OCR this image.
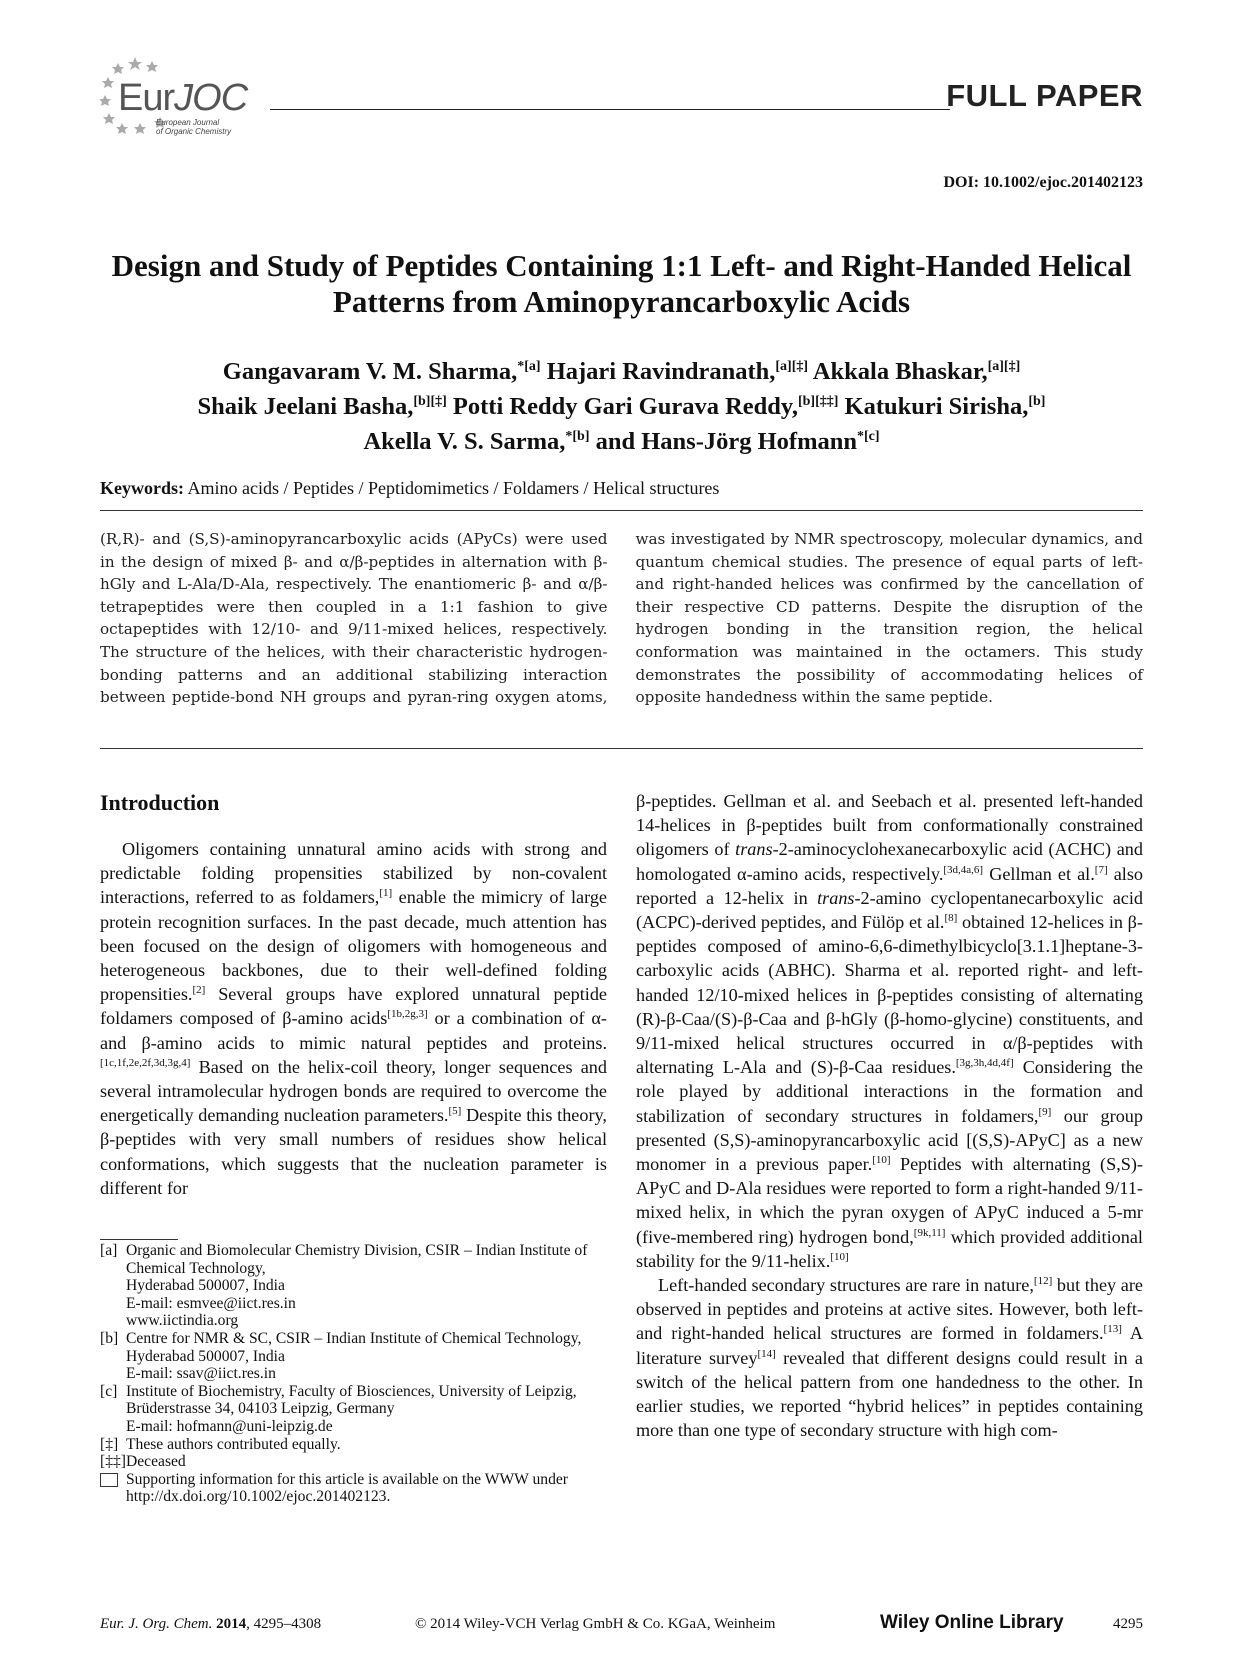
EurJOC
European Journal
of Organic Chemistry
FULL PAPER
DOI: 10.1002/ejoc.201402123
Design and Study of Peptides Containing 1:1 Left- and Right-Handed Helical Patterns from Aminopyrancarboxylic Acids
Gangavaram V. M. Sharma,$^{*[a]}$ Hajari Ravindranath,[a][‡] Akkala Bhaskar,[a][‡]
Shaik Jeelani Basha,[b][‡] Potti Reddy Gari Gurava Reddy,[b][‡‡] Katukuri Sirisha,[b]
Akella V. S. Sarma,$^{*[b]}$ and Hans-Jörg Hofmann$^{*[c]}$
Keywords: Amino acids / Peptides / Peptidomimetics / Foldamers / Helical structures
(R,R)- and (S,S)-aminopyrancarboxylic acids (APyCs) were used in the design of mixed β- and α/β-peptides in alternation with β-hGly and L-Ala/D-Ala, respectively. The enantiomeric β- and α/β-tetrapeptides were then coupled in a 1:1 fashion to give octapeptides with 12/10- and 9/11-mixed helices, respectively. The structure of the helices, with their characteristic hydrogen-bonding patterns and an additional stabilizing interaction between peptide-bond NH groups and pyran-ring oxygen atoms, was investigated by NMR spectroscopy, molecular dynamics, and quantum chemical studies. The presence of equal parts of left- and right-handed helices was confirmed by the cancellation of their respective CD patterns. Despite the disruption of the hydrogen bonding in the transition region, the helical conformation was maintained in the octamers. This study demonstrates the possibility of accommodating helices of opposite handedness within the same peptide.
Introduction

Oligomers containing unnatural amino acids with strong and predictable folding propensities stabilized by non-covalent interactions, referred to as foldamers,[1] enable the mimicry of large protein recognition surfaces. In the past decade, much attention has been focused on the design of oligomers with homogeneous and heterogeneous backbones, due to their well-defined folding propensities.[2] Several groups have explored unnatural peptide foldamers composed of β-amino acids[1b,2g,3] or a combination of α- and β-amino acids to mimic natural peptides and proteins.[1c,1f,2e,2f,3d,3g,4] Based on the helix-coil theory, longer sequences and several intramolecular hydrogen bonds are required to overcome the energetically demanding nucleation parameters.[5] Despite this theory, β-peptides with very small numbers of residues show helical conformations, which suggests that the nucleation parameter is different for

β-peptides. Gellman et al. and Seebach et al. presented left-handed 14-helices in β-peptides built from conformationally constrained oligomers of trans-2-aminocyclohexanecarboxylic acid (ACHC) and homologated α-amino acids, respectively.[3d,4a,6] Gellman et al.[7] also reported a 12-helix in trans-2-amino cyclopentanecarboxylic acid (ACPC)-derived peptides, and Fülöp et al.[8] obtained 12-helices in β-peptides composed of amino-6,6-dimethylbicyclo[3.1.1]heptane-3-carboxylic acids (ABHC). Sharma et al. reported right- and left-handed 12/10-mixed helices in β-peptides consisting of alternating (R)-β-Caa/(S)-β-Caa and β-hGly (β-homo-glycine) constituents, and 9/11-mixed helical structures occurred in α/β-peptides with alternating L-Ala and (S)-β-Caa residues.[3g,3h,4d,4f] Considering the role played by additional interactions in the formation and stabilization of secondary structures in foldamers,[9] our group presented (S,S)-aminopyrancarboxylic acid [(S,S)-APyC] as a new monomer in a previous paper.[10] Peptides with alternating (S,S)-APyC and D-Ala residues were reported to form a right-handed 9/11-mixed helix, in which the pyran oxygen of APyC induced a 5-mr (five-membered ring) hydrogen bond,[9k,11] which provided additional stability for the 9/11-helix.[10]

Left-handed secondary structures are rare in nature,[12] but they are observed in peptides and proteins at active sites. However, both left- and right-handed helical structures are formed in foldamers.[13] A literature survey[14] revealed that different designs could result in a switch of the helical pattern from one handedness to the other. In earlier studies, we reported “hybrid helices” in peptides containing more than one type of secondary structure with high com-

[a] Organic and Biomolecular Chemistry Division, CSIR – Indian Institute of Chemical Technology,
Hyderabad 500007, India
E-mail: esmvee@iict.res.in
www.iictindia.org
[b] Centre for NMR & SC, CSIR – Indian Institute of Chemical Technology,
Hyderabad 500007, India
E-mail: ssav@iict.res.in
[c] Institute of Biochemistry, Faculty of Biosciences, University of Leipzig,
Brüderstrasse 34, 04103 Leipzig, Germany
E-mail: hofmann@uni-leipzig.de
[‡] These authors contributed equally.
[‡‡] Deceased
Supporting information for this article is available on the WWW under http://dx.doi.org/10.1002/ejoc.201402123.
Eur. J. Org. Chem. 2014, 4295–4308	© 2014 Wiley-VCH Verlag GmbH & Co. KGaA, Weinheim	Wiley Online Library	4295
